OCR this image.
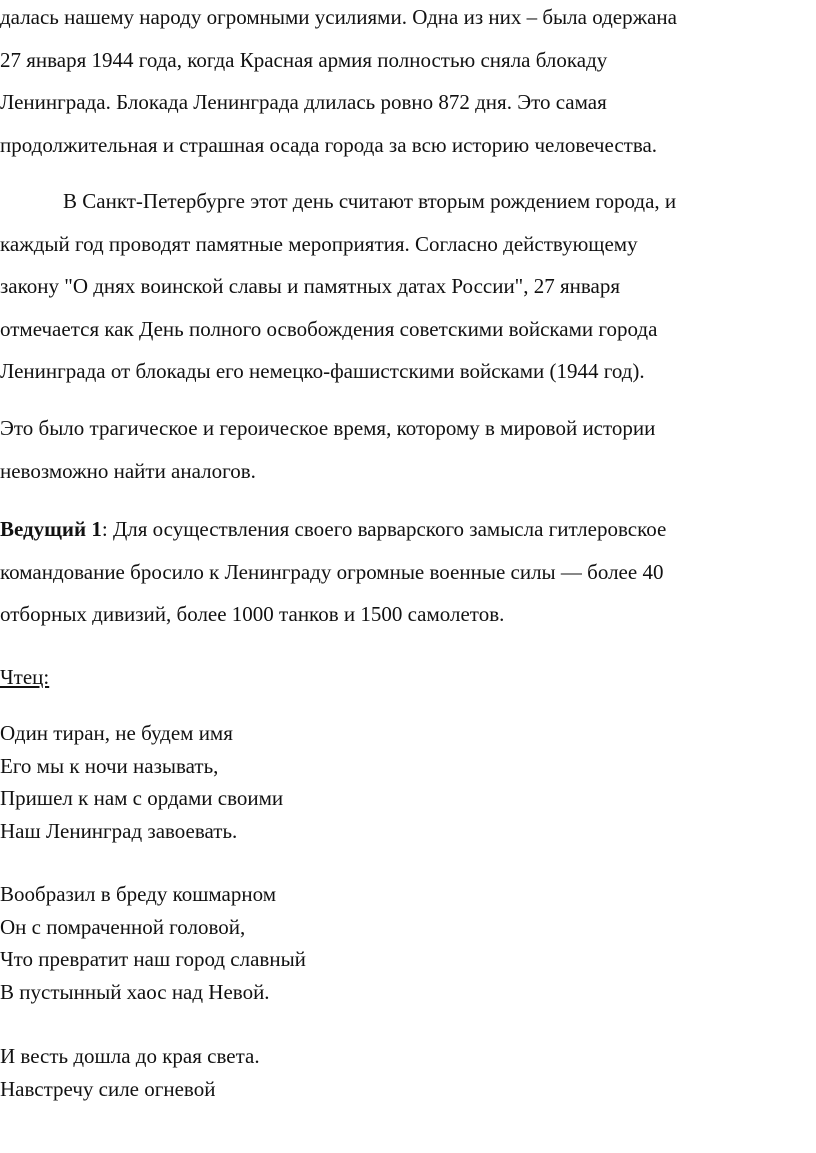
далась нашему народу огромными усилиями. Одна из них – была одержана
27 января 1944 года, когда Красная армия полностью сняла блокаду
Ленинграда. Блокада Ленинграда длилась ровно 872 дня. Это самая
продолжительная и страшная осада города за всю историю человечества.
В Санкт-Петербурге этот день считают вторым рождением города, и
каждый год проводят памятные мероприятия. Согласно действующему
закону "О днях воинской славы и памятных датах России", 27 января
отмечается как День полного освобождения советскими войсками города
Ленинграда от блокады его немецко-фашистскими войсками (1944 год).
Это было трагическое и героическое время, которому в мировой истории
невозможно найти аналогов.
Ведущий 1: Для осуществления своего варварского замысла гитлеровское
командование бросило к Ленинграду огромные военные силы — более 40
отборных дивизий, более 1000 танков и 1500 самолетов.
Чтец:
Один тиран, не будем имя
Его мы к ночи называть,
Пришел к нам с ордами своими
Наш Ленинград завоевать.
Вообразил в бреду кошмарном
Он с помраченной головой,
Что превратит наш город славный
В пустынный хаос над Невой.
И весть дошла до края света.
Навстречу силе огневой
